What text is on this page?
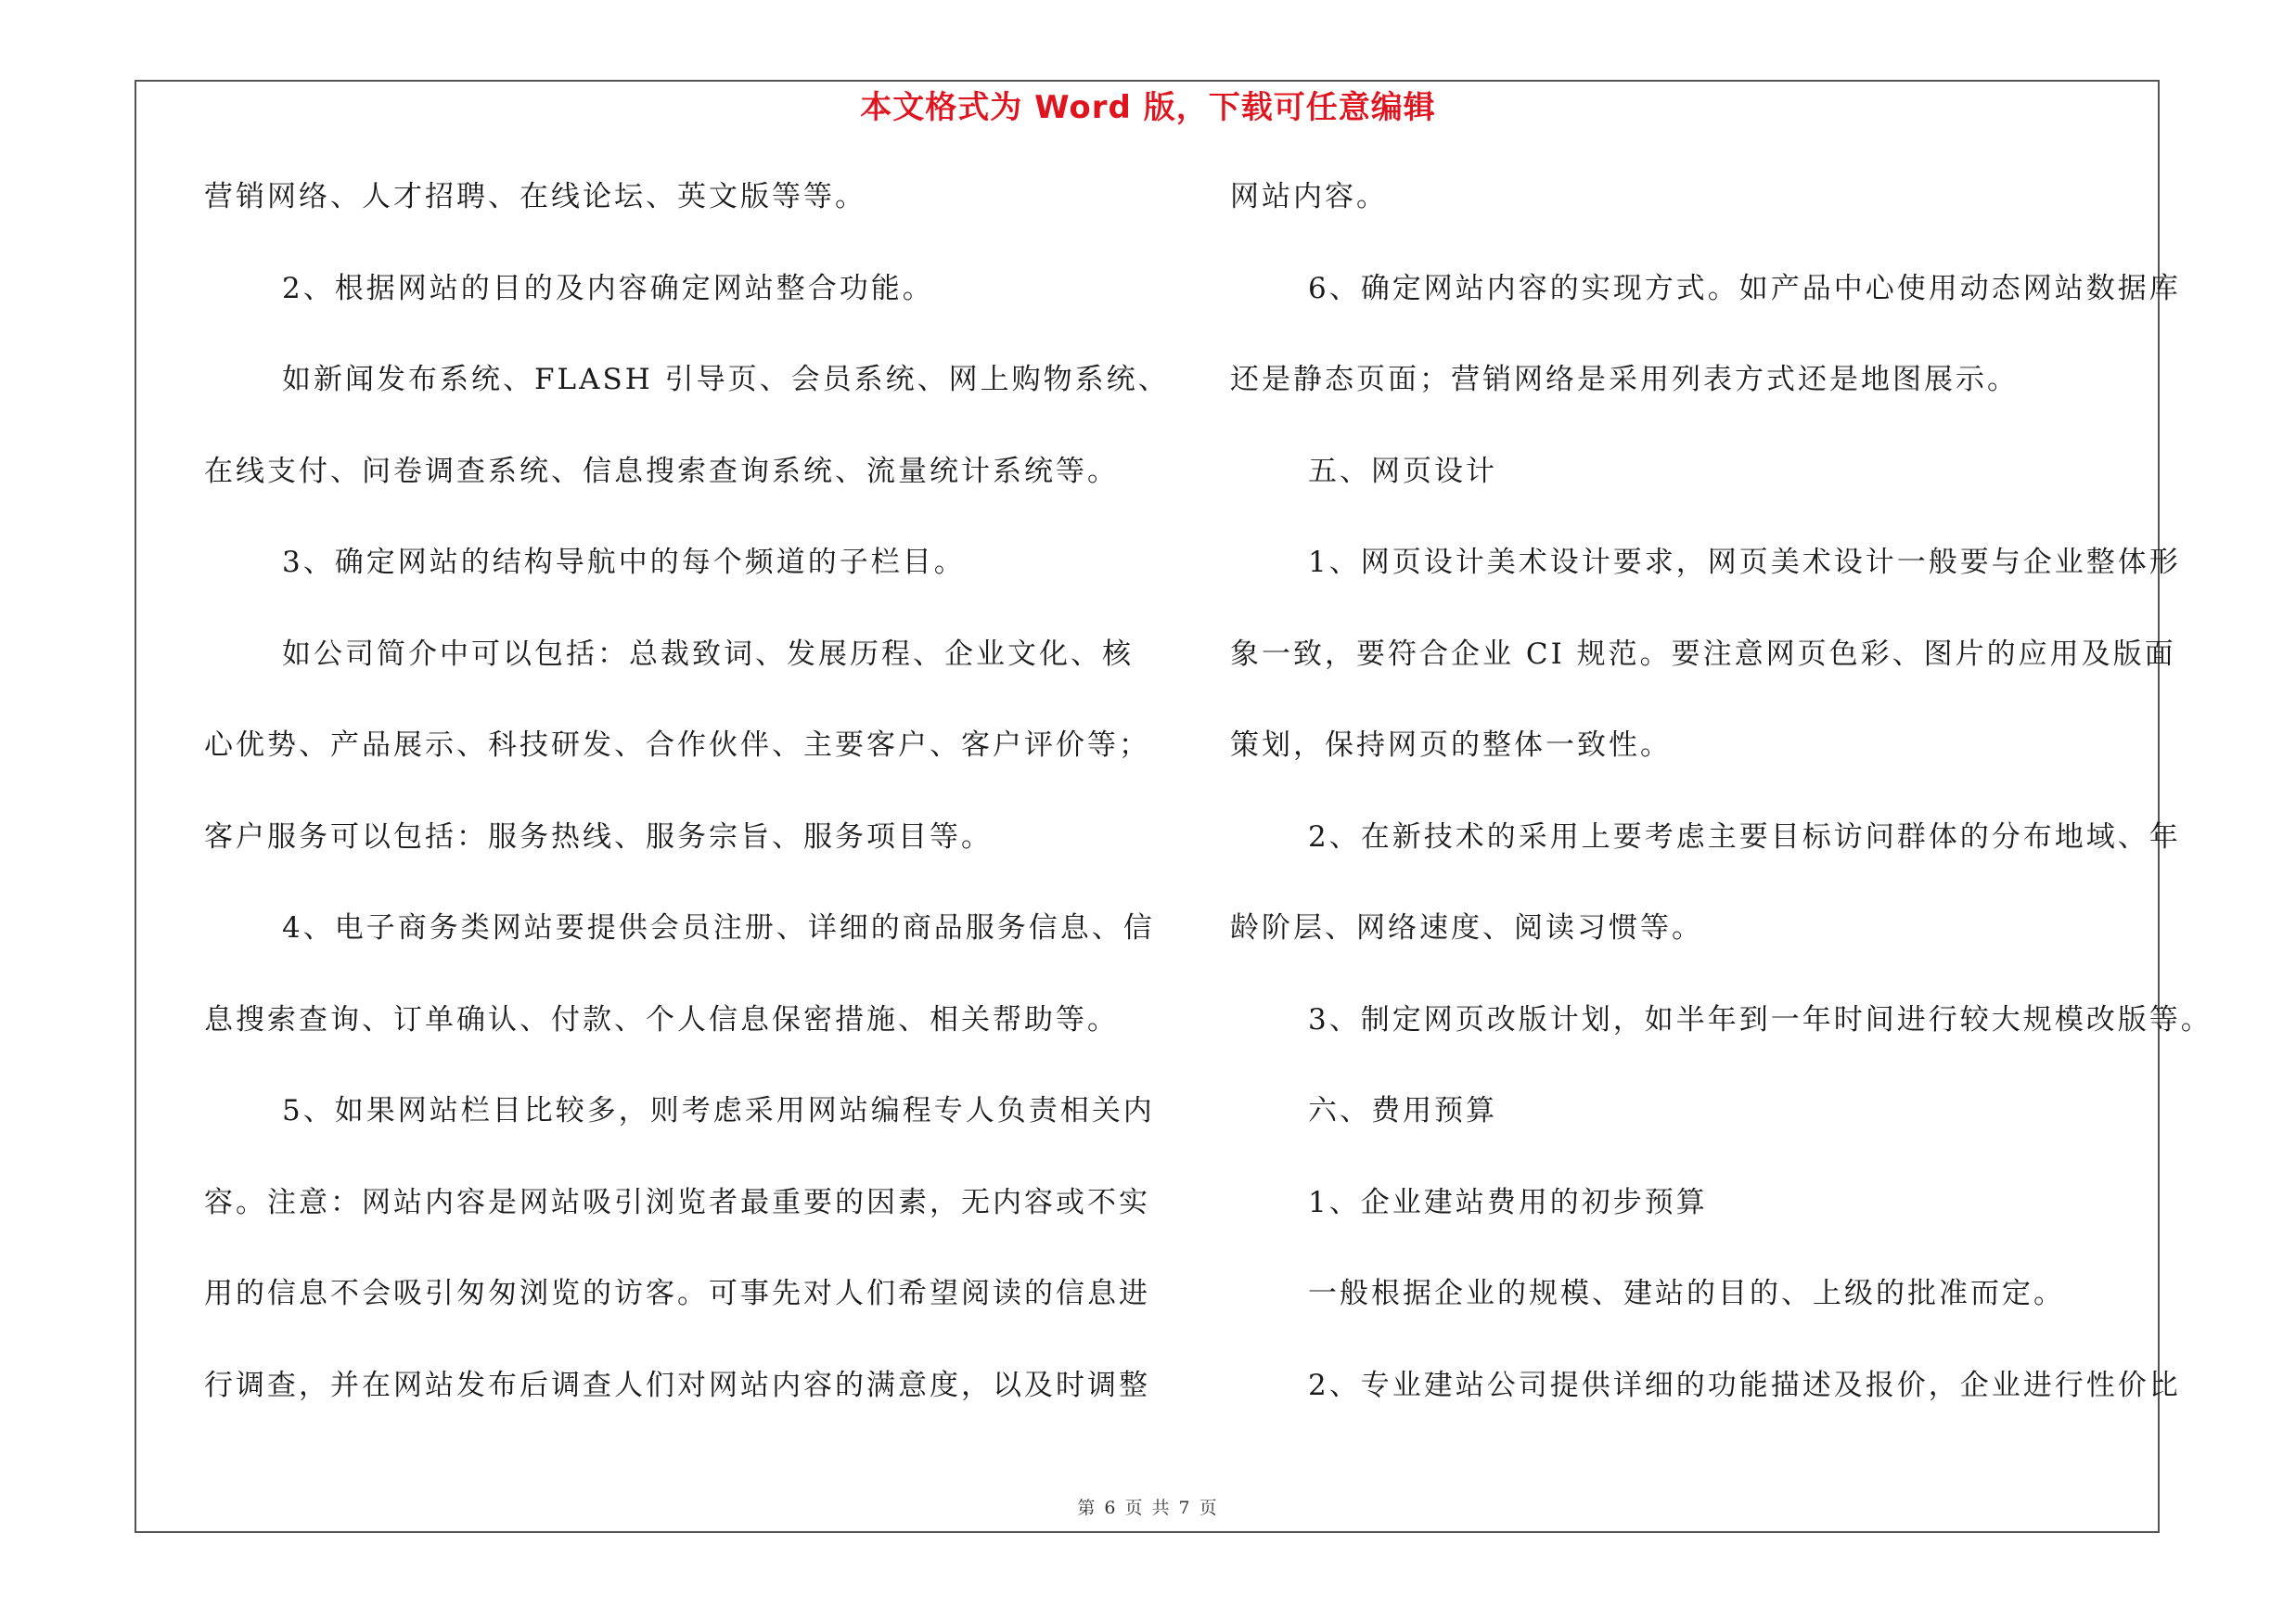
本文格式为 Word 版，下载可任意编辑
营销网络、人才招聘、在线论坛、英文版等等。
2、根据网站的目的及内容确定网站整合功能。
如新闻发布系统、FLASH 引导页、会员系统、网上购物系统、
在线支付、问卷调查系统、信息搜索查询系统、流量统计系统等。
3、确定网站的结构导航中的每个频道的子栏目。
如公司简介中可以包括：总裁致词、发展历程、企业文化、核
心优势、产品展示、科技研发、合作伙伴、主要客户、客户评价等；
客户服务可以包括：服务热线、服务宗旨、服务项目等。
4、电子商务类网站要提供会员注册、详细的商品服务信息、信
息搜索查询、订单确认、付款、个人信息保密措施、相关帮助等。
5、如果网站栏目比较多，则考虑采用网站编程专人负责相关内
容。注意：网站内容是网站吸引浏览者最重要的因素，无内容或不实
用的信息不会吸引匆匆浏览的访客。可事先对人们希望阅读的信息进
行调查，并在网站发布后调查人们对网站内容的满意度，以及时调整
网站内容。
6、确定网站内容的实现方式。如产品中心使用动态网站数据库
还是静态页面；营销网络是采用列表方式还是地图展示。
五、网页设计
1、网页设计美术设计要求，网页美术设计一般要与企业整体形
象一致，要符合企业 CI 规范。要注意网页色彩、图片的应用及版面
策划，保持网页的整体一致性。
2、在新技术的采用上要考虑主要目标访问群体的分布地域、年
龄阶层、网络速度、阅读习惯等。
3、制定网页改版计划，如半年到一年时间进行较大规模改版等。
六、费用预算
1、企业建站费用的初步预算
一般根据企业的规模、建站的目的、上级的批准而定。
2、专业建站公司提供详细的功能描述及报价，企业进行性价比
第 6 页 共 7 页
